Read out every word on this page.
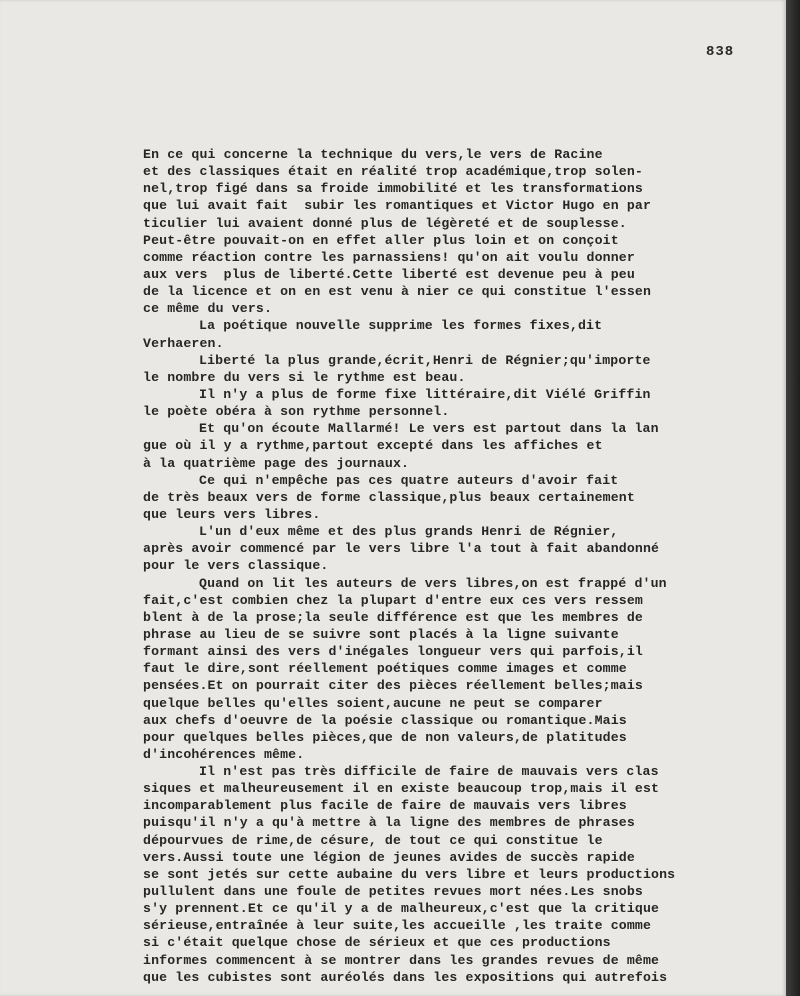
838
En ce qui concerne la technique du vers,le vers de Racine
et des classiques était en réalité trop académique,trop solen-
nel,trop figé dans sa froide immobilité et les transformations
que lui avait fait  subir les romantiques et Victor Hugo en par
ticulier lui avaient donné plus de légèreté et de souplesse.
Peut-être pouvait-on en effet aller plus loin et on conçoit
comme réaction contre les parnassiens! qu'on ait voulu donner
aux vers  plus de liberté.Cette liberté est devenue peu à peu
de la licence et on en est venu à nier ce qui constitue l'essen
ce même du vers.
La poétique nouvelle supprime les formes fixes,dit
Verhaeren.
Liberté la plus grande,écrit,Henri de Régnier;qu'importe
le nombre du vers si le rythme est beau.
Il n'y a plus de forme fixe littéraire,dit Viélé Griffin
le poète obéra à son rythme personnel.
Et qu'on écoute Mallarmé! Le vers est partout dans la lan
gue où il y a rythme,partout excepté dans les affiches et
à la quatrième page des journaux.
Ce qui n'empêche pas ces quatre auteurs d'avoir fait
de très beaux vers de forme classique,plus beaux certainement
que leurs vers libres.
L'un d'eux même et des plus grands Henri de Régnier,
après avoir commencé par le vers libre l'a tout à fait abandonné
pour le vers classique.
Quand on lit les auteurs de vers libres,on est frappé d'un
fait,c'est combien chez la plupart d'entre eux ces vers ressem
blent à de la prose;la seule différence est que les membres de
phrase au lieu de se suivre sont placés à la ligne suivante
formant ainsi des vers d'inégales longueur vers qui parfois,il
faut le dire,sont réellement poétiques comme images et comme
pensées.Et on pourrait citer des pièces réellement belles;mais
quelque belles qu'elles soient,aucune ne peut se comparer
aux chefs d'oeuvre de la poésie classique ou romantique.Mais
pour quelques belles pièces,que de non valeurs,de platitudes
d'incohérences même.
Il n'est pas très difficile de faire de mauvais vers clas
siques et malheureusement il en existe beaucoup trop,mais il est
incomparablement plus facile de faire de mauvais vers libres
puisqu'il n'y a qu'à mettre à la ligne des membres de phrases
dépourvues de rime,de césure, de tout ce qui constitue le
vers.Aussi toute une légion de jeunes avides de succès rapide
se sont jetés sur cette aubaine du vers libre et leurs productions
pullulent dans une foule de petites revues mort nées.Les snobs
s'y prennent.Et ce qu'il y a de malheureux,c'est que la critique
sérieuse,entraînée à leur suite,les accueille ,les traite comme
si c'était quelque chose de sérieux et que ces productions
informes commencent à se montrer dans les grandes revues de même
que les cubistes sont auréolés dans les expositions qui autrefois
